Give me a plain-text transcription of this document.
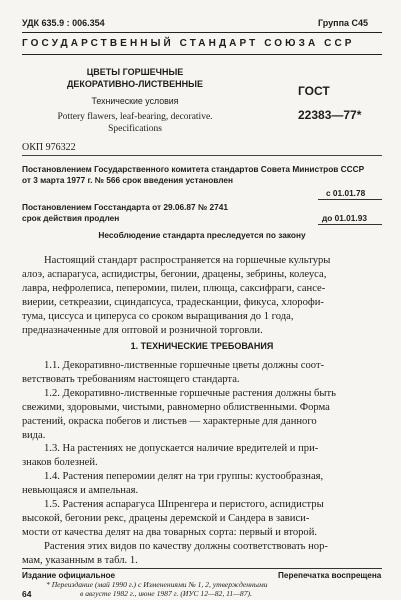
УДК 635.9 : 006.354	Группа С45
ГОСУДАРСТВЕННЫЙ СТАНДАРТ СОЮЗА ССР
ЦВЕТЫ ГОРШЕЧНЫЕ
ДЕКОРАТИВНО-ЛИСТВЕННЫЕ
Технические условия
Pottery flawers, leaf-bearing, decorative.
Specifications
ГОСТ
22383—77*
ОКП 976322
Постановлением Государственного комитета стандартов Совета Министров СССР
от 3 марта 1977 г. № 566 срок введения установлен
с 01.01.78
Постановлением Госстандарта от 29.06.87 № 2741
срок действия продлен	до 01.01.93
Несоблюдение стандарта преследуется по закону

Настоящий стандарт распространяется на горшечные культуры

алоэ, аспарагуса, аспидистры, бегонии, драцены, зебрины, колеуса,

лавра, нефролеписа, пеперомии, пилеи, плюща, саксифраги, сансе-

виерии, сеткреазии, сциндапсуса, традесканции, фикуса, хлорофи-

тума, циссуса и циперуса со сроком выращивания до 1 года,

предназначенные для оптовой и розничной торговли.

1. ТЕХНИЧЕСКИЕ ТРЕБОВАНИЯ

1.1. Декоративно-лиственные горшечные цветы должны соот-

ветствовать требованиям настоящего стандарта.

1.2. Декоративно-лиственные горшечные растения должны быть

свежими, здоровыми, чистыми, равномерно облиственными. Форма

растений, окраска побегов и листьев — характерные для данного

вида.

1.3. На растениях не допускается наличие вредителей и при-

знаков болезней.

1.4. Растения пеперомии делят на три группы: кустообразная,

невьющаяся и ампельная.

1.5. Растения аспарагуса Шпренгера и перистого, аспидистры

высокой, бегонии рекс, драцены деремской и Сандера в зависи-

мости от качества делят на два товарных сорта: первый и второй.

Растения этих видов по качеству должны соответствовать нор-

мам, указанным в табл. 1.

Издание официальное	Перепечатка воспрещена
* Переиздание (май 1990 г.) с Изменениями № 1, 2, утвержденными
в августе 1982 г., июне 1987 г. (ИУС 12—82, 11—87).
64
